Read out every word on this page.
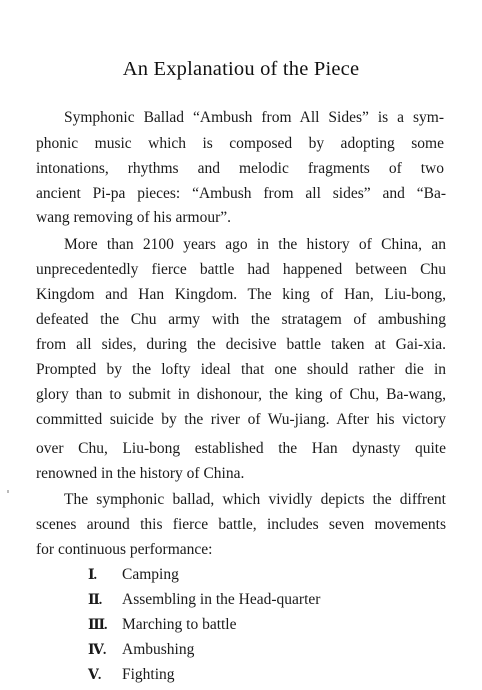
An Explanatiou of the Piece
Symphonic Ballad “Ambush from All Sides” is a sym-
phonic music which is composed by adopting some
intonations, rhythms and melodic fragments of two
ancient Pi-pa pieces: “Ambush from all sides” and “Ba-
wang removing of his armour”.
More than 2100 years ago in the history of China, an
unprecedentedly fierce battle had happened between Chu
Kingdom and Han Kingdom. The king of Han, Liu-bong,
defeated the Chu army with the stratagem of ambushing
from all sides, during the decisive battle taken at Gai-xia.
Prompted by the lofty ideal that one should rather die in
glory than to submit in dishonour, the king of Chu, Ba-wang,
committed suicide by the river of Wu-jiang. After his victory
over Chu, Liu-bong established the Han dynasty quite
renowned in the history of China.
The symphonic ballad, which vividly depicts the diffrent
scenes around this fierce battle, includes seven movements
for continuous performance:
Ⅰ. Camping
Ⅱ. Assembling in the Head-quarter
Ⅲ. Marching to battle
Ⅳ. Ambushing
Ⅴ. Fighting
